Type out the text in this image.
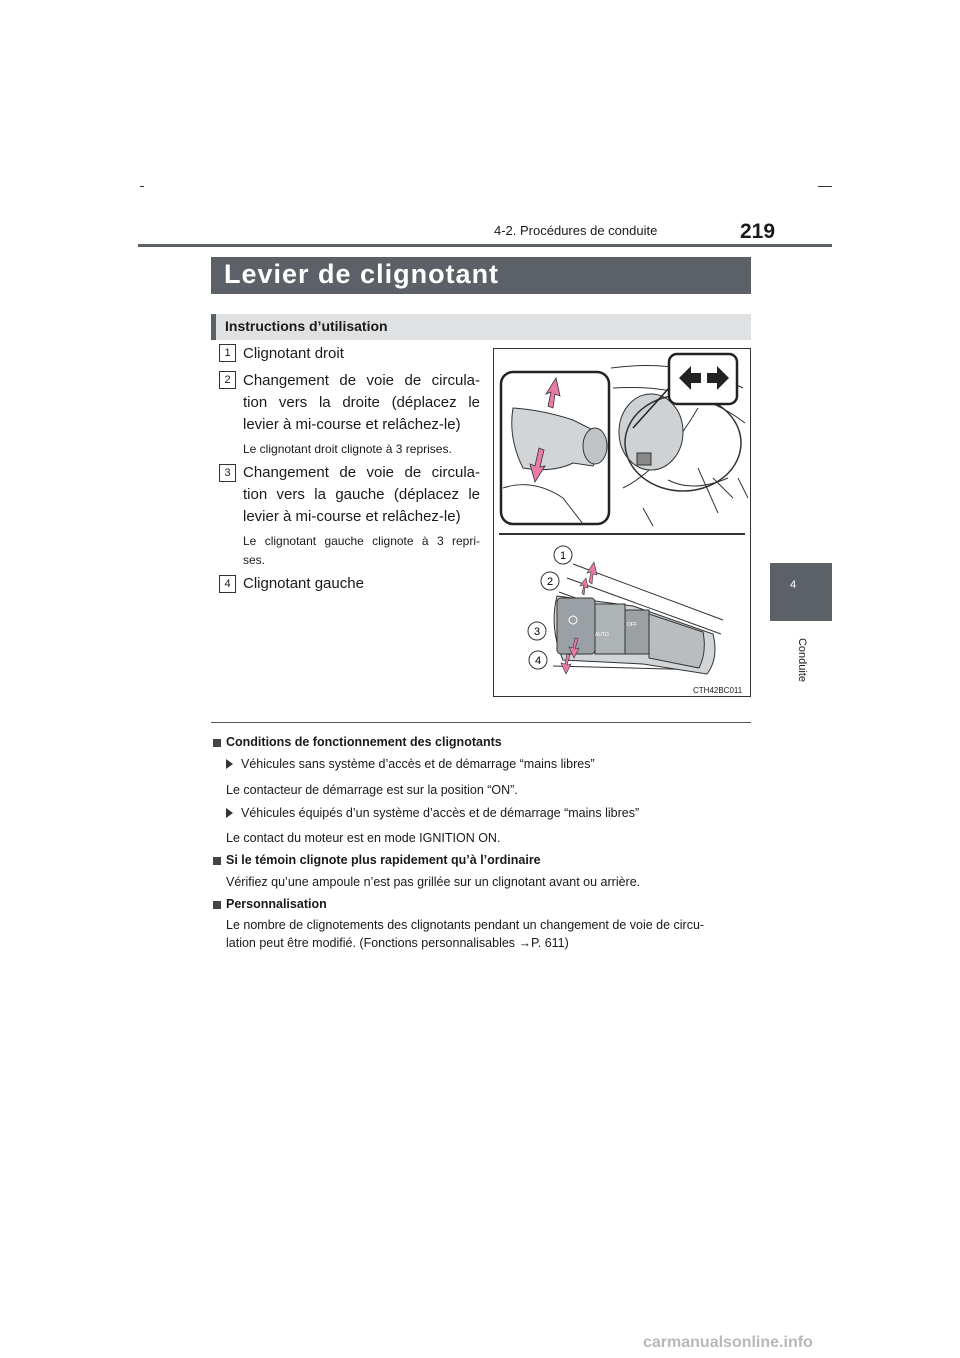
219
4-2. Procédures de conduite
4
Conduite
Levier de clignotant
Instructions d’utilisation
1 Clignotant droit
2 Changement de voie de circula-
tion vers la droite (déplacez le
levier à mi-course et relâchez-le)
Le clignotant droit clignote à 3 reprises.
3 Changement de voie de circula-
tion vers la gauche (déplacez le
levier à mi-course et relâchez-le)
Le clignotant gauche clignote à 3 repri-
ses.
4 Clignotant gauche
AUTO
OFF
1
2
3
4
CTH42BC011
Conditions de fonctionnement des clignotants
Véhicules sans système d’accès et de démarrage “mains libres”
Le contacteur de démarrage est sur la position “ON”.
Véhicules équipés d’un système d’accès et de démarrage “mains libres”
Le contact du moteur est en mode IGNITION ON.
Si le témoin clignote plus rapidement qu’à l’ordinaire
Vérifiez qu’une ampoule n’est pas grillée sur un clignotant avant ou arrière.
Personnalisation
Le nombre de clignotements des clignotants pendant un changement de voie de circu-
lation peut être modifié. (Fonctions personnalisables →P. 611)
carmanualsonline.info
